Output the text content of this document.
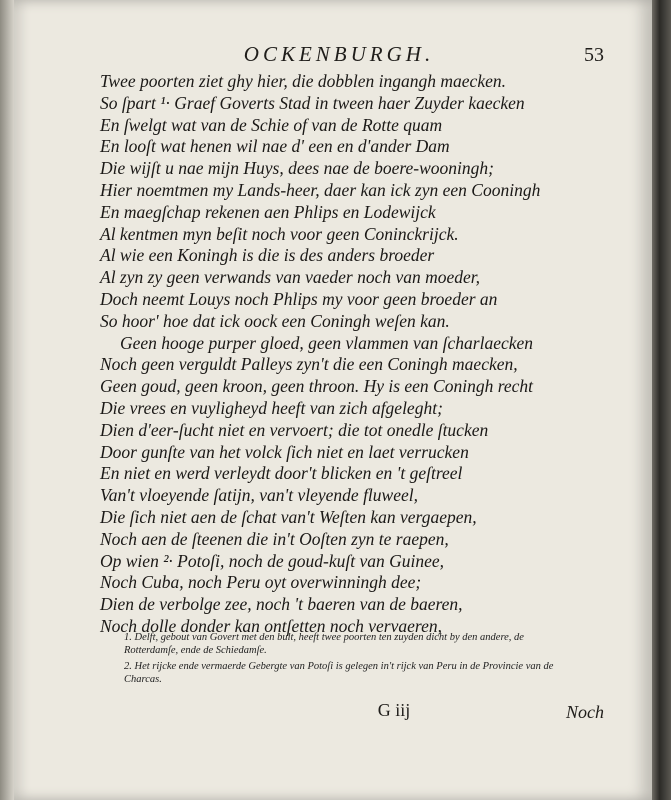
OCKENBURGH.	53
Twee poorten ziet ghy hier, die dobblen ingangh maecken.
So ſpart ¹· Graef Goverts Stad in tween haer Zuyder kaecken
En ſwelgt wat van de Schie of van de Rotte quam
En looſt wat henen wil nae d' een en d'ander Dam
Die wijſt u nae mijn Huys, dees nae de boere-wooningh;
Hier noemtmen my Lands-heer, daer kan ick zyn een Cooningh
En maegſchap rekenen aen Phlips en Lodewijck
Al kentmen myn beſit noch voor geen Coninckrijck.
Al wie een Koningh is die is des anders broeder
Al zyn zy geen verwands van vaeder noch van moeder,
Doch neemt Louys noch Phlips my voor geen broeder an
So hoor' hoe dat ick oock een Coningh weſen kan.
Geen hooge purper gloed, geen vlammen van ſcharlaecken
Noch geen verguldt Palleys zyn't die een Coningh maecken,
Geen goud, geen kroon, geen throon. Hy is een Coningh recht
Die vrees en vuyligheyd heeft van zich afgeleght;
Dien d'eer-ſucht niet en vervoert; die tot onedle ſtucken
Door gunſte van het volck ſich niet en laet verrucken
En niet en werd verleydt door't blicken en 't geſtreel
Van't vloeyende ſatijn, van't vleyende fluweel,
Die ſich niet aen de ſchat van't Weſten kan vergaepen,
Noch aen de ſteenen die in't Ooſten zyn te raepen,
Op wien ²· Potoſi, noch de goud-kuſt van Guinee,
Noch Cuba, noch Peru oyt overwinningh dee;
Dien de verbolge zee, noch 't baeren van de baeren,
Noch dolle donder kan ontſetten noch vervaeren,
1. Delft, gebout van Govert met den bult, heeft twee poorten ten zuyden dicht by den andere, de Rotterdamſe, ende de Schiedamſe.
2. Het rijcke ende vermaerde Gebergte van Potoſi is gelegen in't rijck van Peru in de Provincie van de Charcas.
G iij	Noch
